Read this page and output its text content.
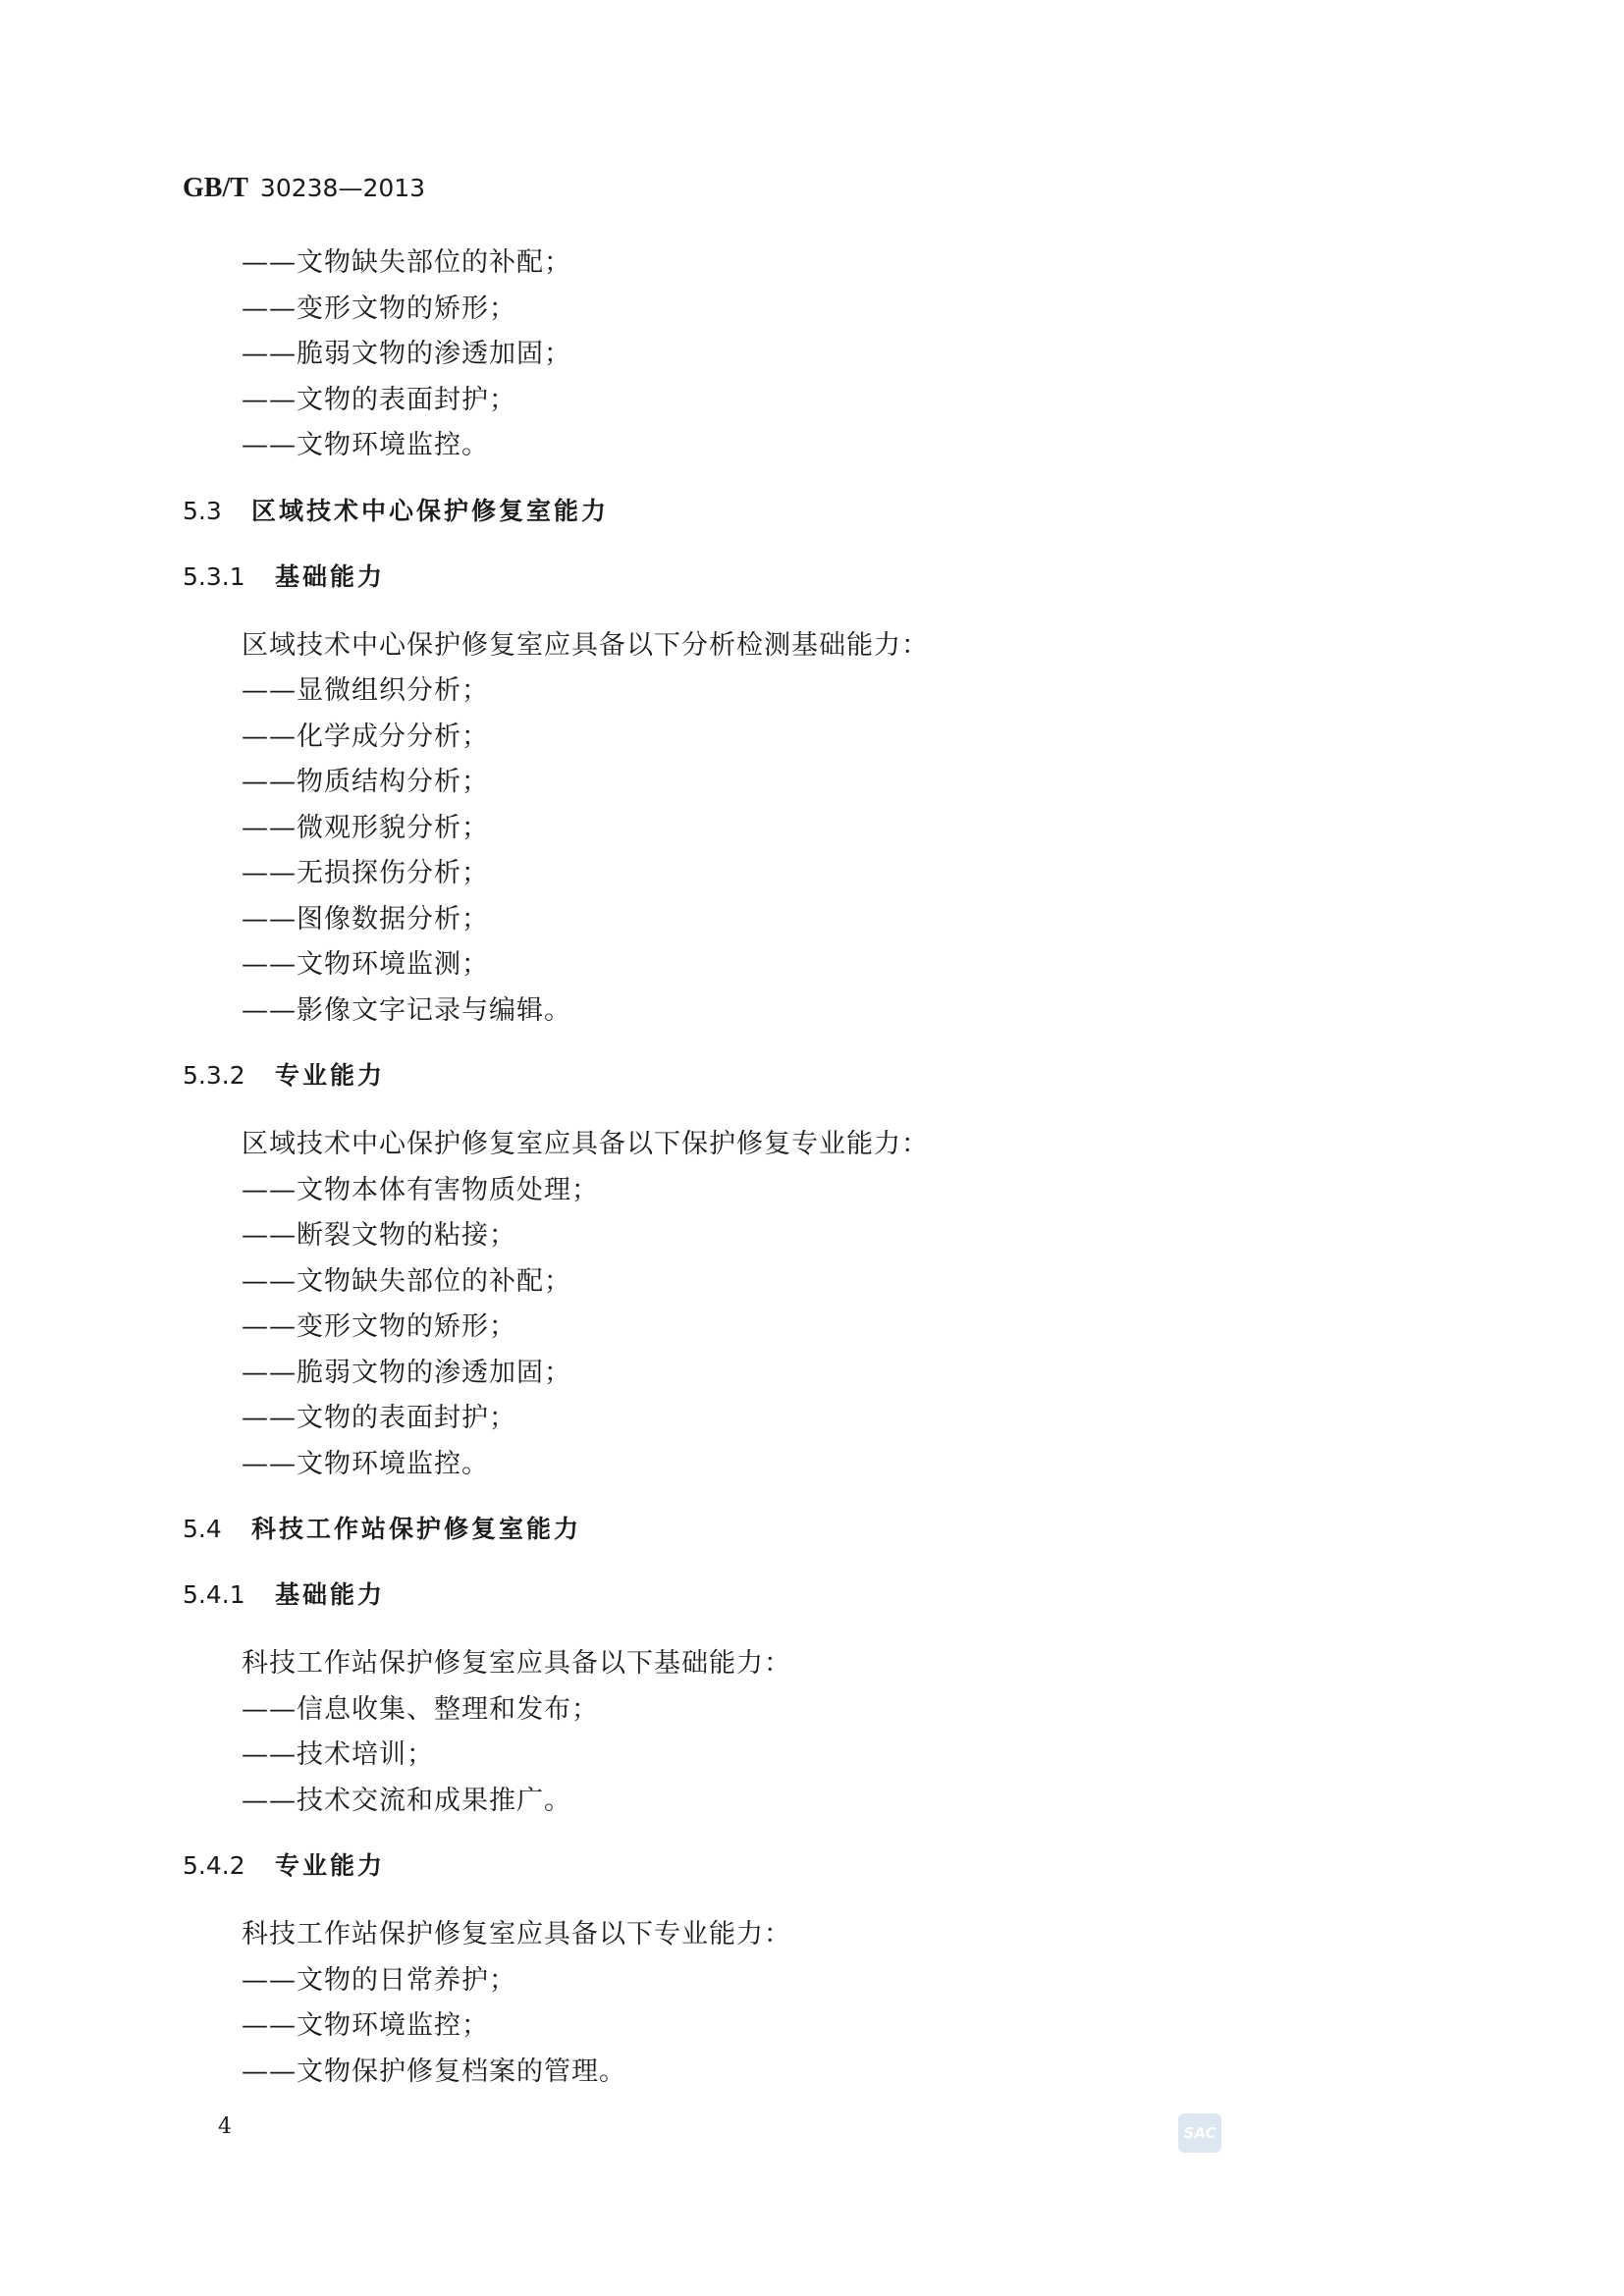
GB/T 30238—2013
——文物缺失部位的补配；
——变形文物的矫形；
——脆弱文物的渗透加固；
——文物的表面封护；
——文物环境监控。
5.3 区域技术中心保护修复室能力
5.3.1 基础能力
区域技术中心保护修复室应具备以下分析检测基础能力：
——显微组织分析；
——化学成分分析；
——物质结构分析；
——微观形貌分析；
——无损探伤分析；
——图像数据分析；
——文物环境监测；
——影像文字记录与编辑。
5.3.2 专业能力
区域技术中心保护修复室应具备以下保护修复专业能力：
——文物本体有害物质处理；
——断裂文物的粘接；
——文物缺失部位的补配；
——变形文物的矫形；
——脆弱文物的渗透加固；
——文物的表面封护；
——文物环境监控。
5.4 科技工作站保护修复室能力
5.4.1 基础能力
科技工作站保护修复室应具备以下基础能力：
——信息收集、整理和发布；
——技术培训；
——技术交流和成果推广。
5.4.2 专业能力
科技工作站保护修复室应具备以下专业能力：
——文物的日常养护；
——文物环境监控；
——文物保护修复档案的管理。
4	SAC
